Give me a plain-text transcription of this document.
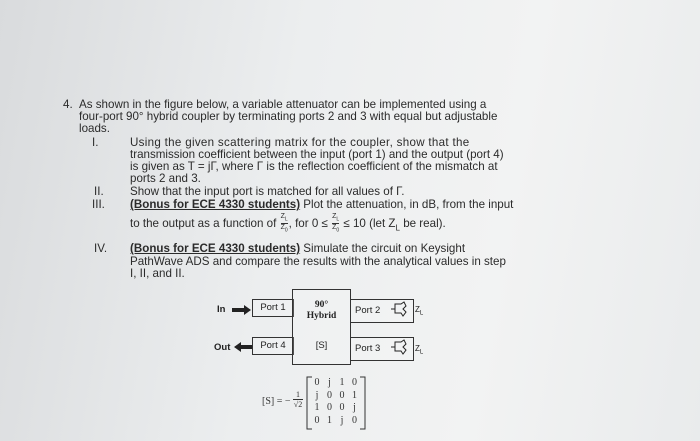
4. As shown in the figure below, a variable attenuator can be implemented using a
four-port 90° hybrid coupler by terminating ports 2 and 3 with equal but adjustable
loads.
I.	Using the given scattering matrix for the coupler, show that the
transmission coefficient between the input (port 1) and the output (port 4)
is given as T = jΓ, where Γ is the reflection coefficient of the mismatch at
ports 2 and 3.
II. Show that the input port is matched for all values of Γ.
III. (Bonus for ECE 4330 students) Plot the attenuation, in dB, from the input
to the output as a function of $\frac{Z_L}{Z_0}$ , for $0 \le \frac{Z_L}{Z_0} \le 10$ (let $Z_L$ be real).
IV. (Bonus for ECE 4330 students) Simulate the circuit on Keysight
PathWave ADS and compare the results with the analytical values in step
I, II, and II.
In
Out
Port 1
Port 4
90°
Hybrid
[S]
Port 2
Port 3
$Z_L$
$Z_L$
[S] = −
1
√2
0 j 1 0
j 0 0 1
1 0 0 j
0 1 j 0
